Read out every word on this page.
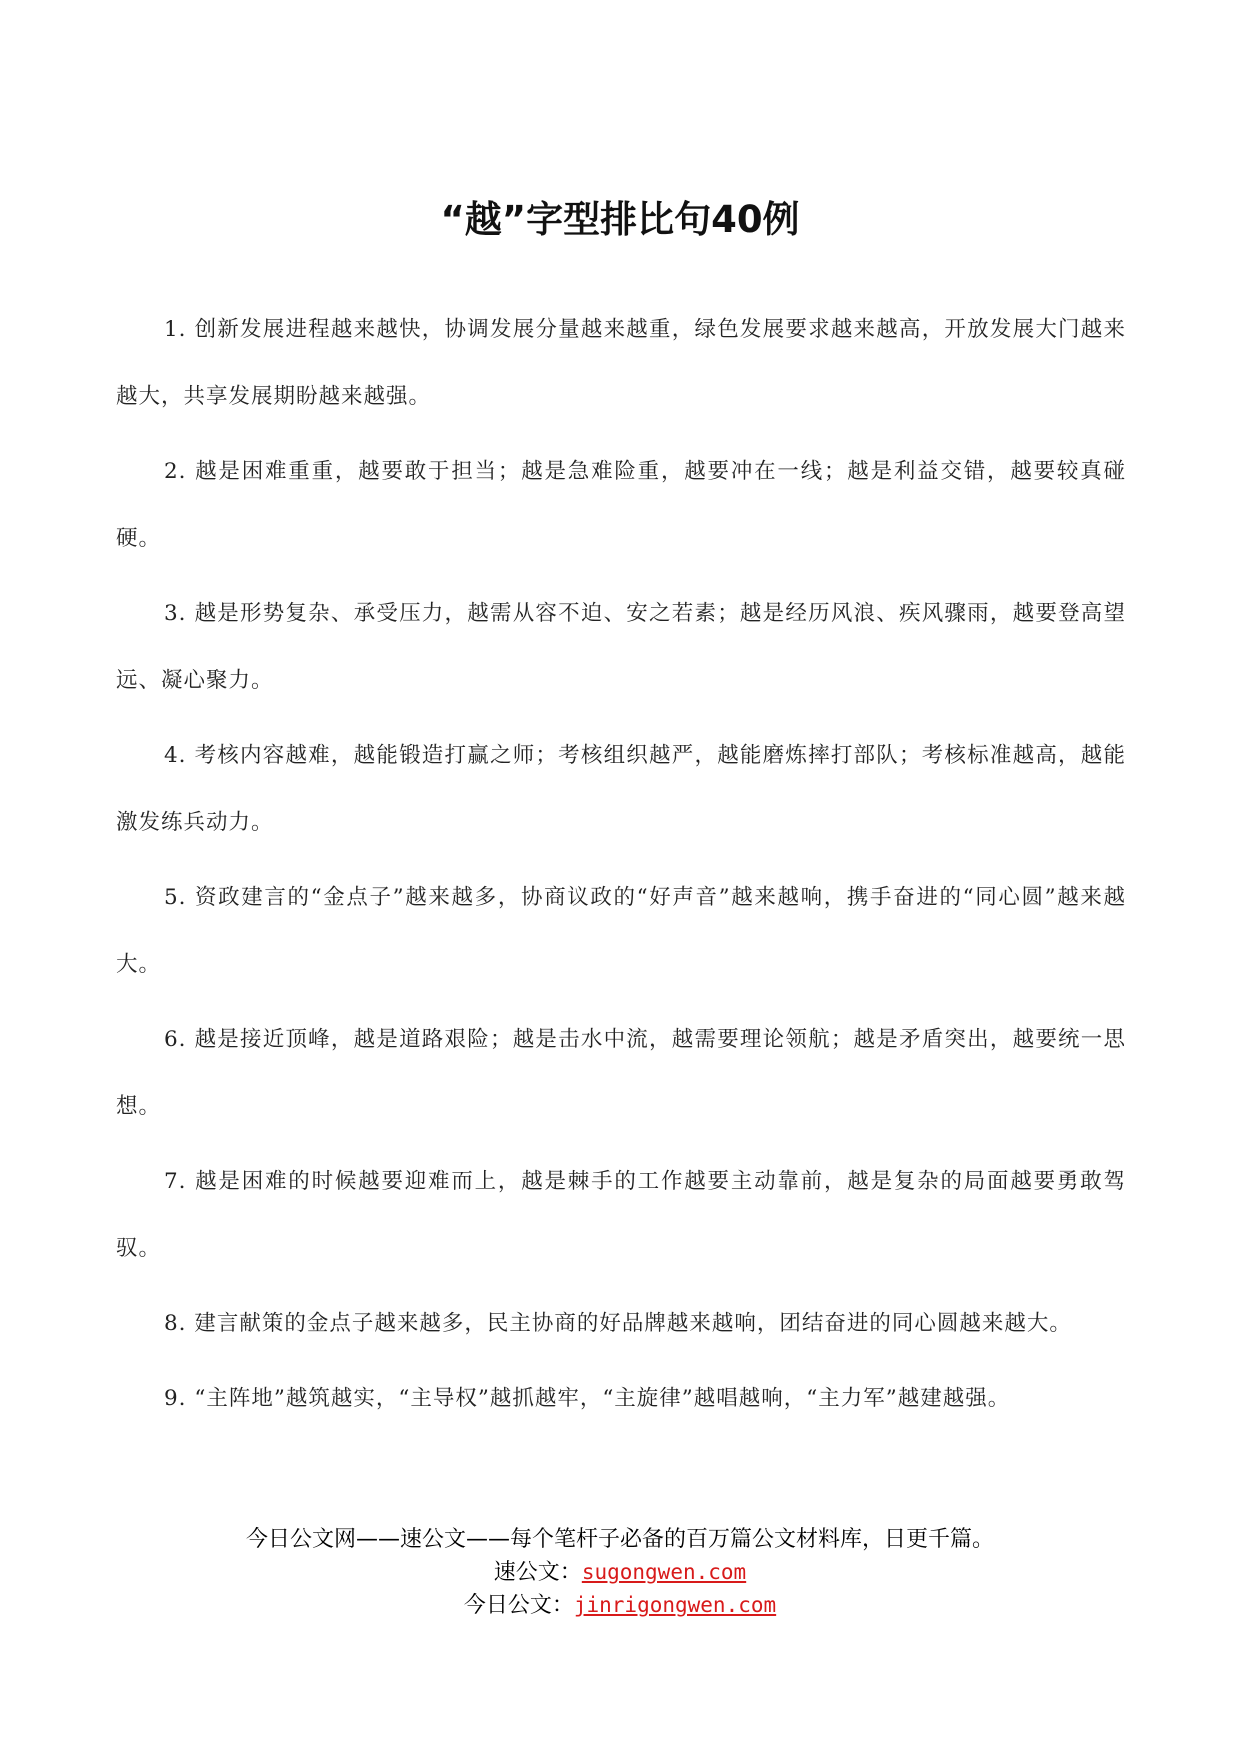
“越”字型排比句40例

1. 创新发展进程越来越快，协调发展分量越来越重，绿色发展要求越来越高，开放发展大门越来越大，共享发展期盼越来越强。

2. 越是困难重重，越要敢于担当；越是急难险重，越要冲在一线；越是利益交错，越要较真碰硬。

3. 越是形势复杂、承受压力，越需从容不迫、安之若素；越是经历风浪、疾风骤雨，越要登高望远、凝心聚力。

4. 考核内容越难，越能锻造打赢之师；考核组织越严，越能磨炼摔打部队；考核标准越高，越能激发练兵动力。

5. 资政建言的“金点子”越来越多，协商议政的“好声音”越来越响，携手奋进的“同心圆”越来越大。

6. 越是接近顶峰，越是道路艰险；越是击水中流，越需要理论领航；越是矛盾突出，越要统一思想。

7. 越是困难的时候越要迎难而上，越是棘手的工作越要主动靠前，越是复杂的局面越要勇敢驾驭。

8. 建言献策的金点子越来越多，民主协商的好品牌越来越响，团结奋进的同心圆越来越大。

9. “主阵地”越筑越实，“主导权”越抓越牢，“主旋律”越唱越响，“主力军”越建越强。

今日公文网——速公文——每个笔杆子必备的百万篇公文材料库，日更千篇。

速公文：sugongwen.com

今日公文：jinrigongwen.com
